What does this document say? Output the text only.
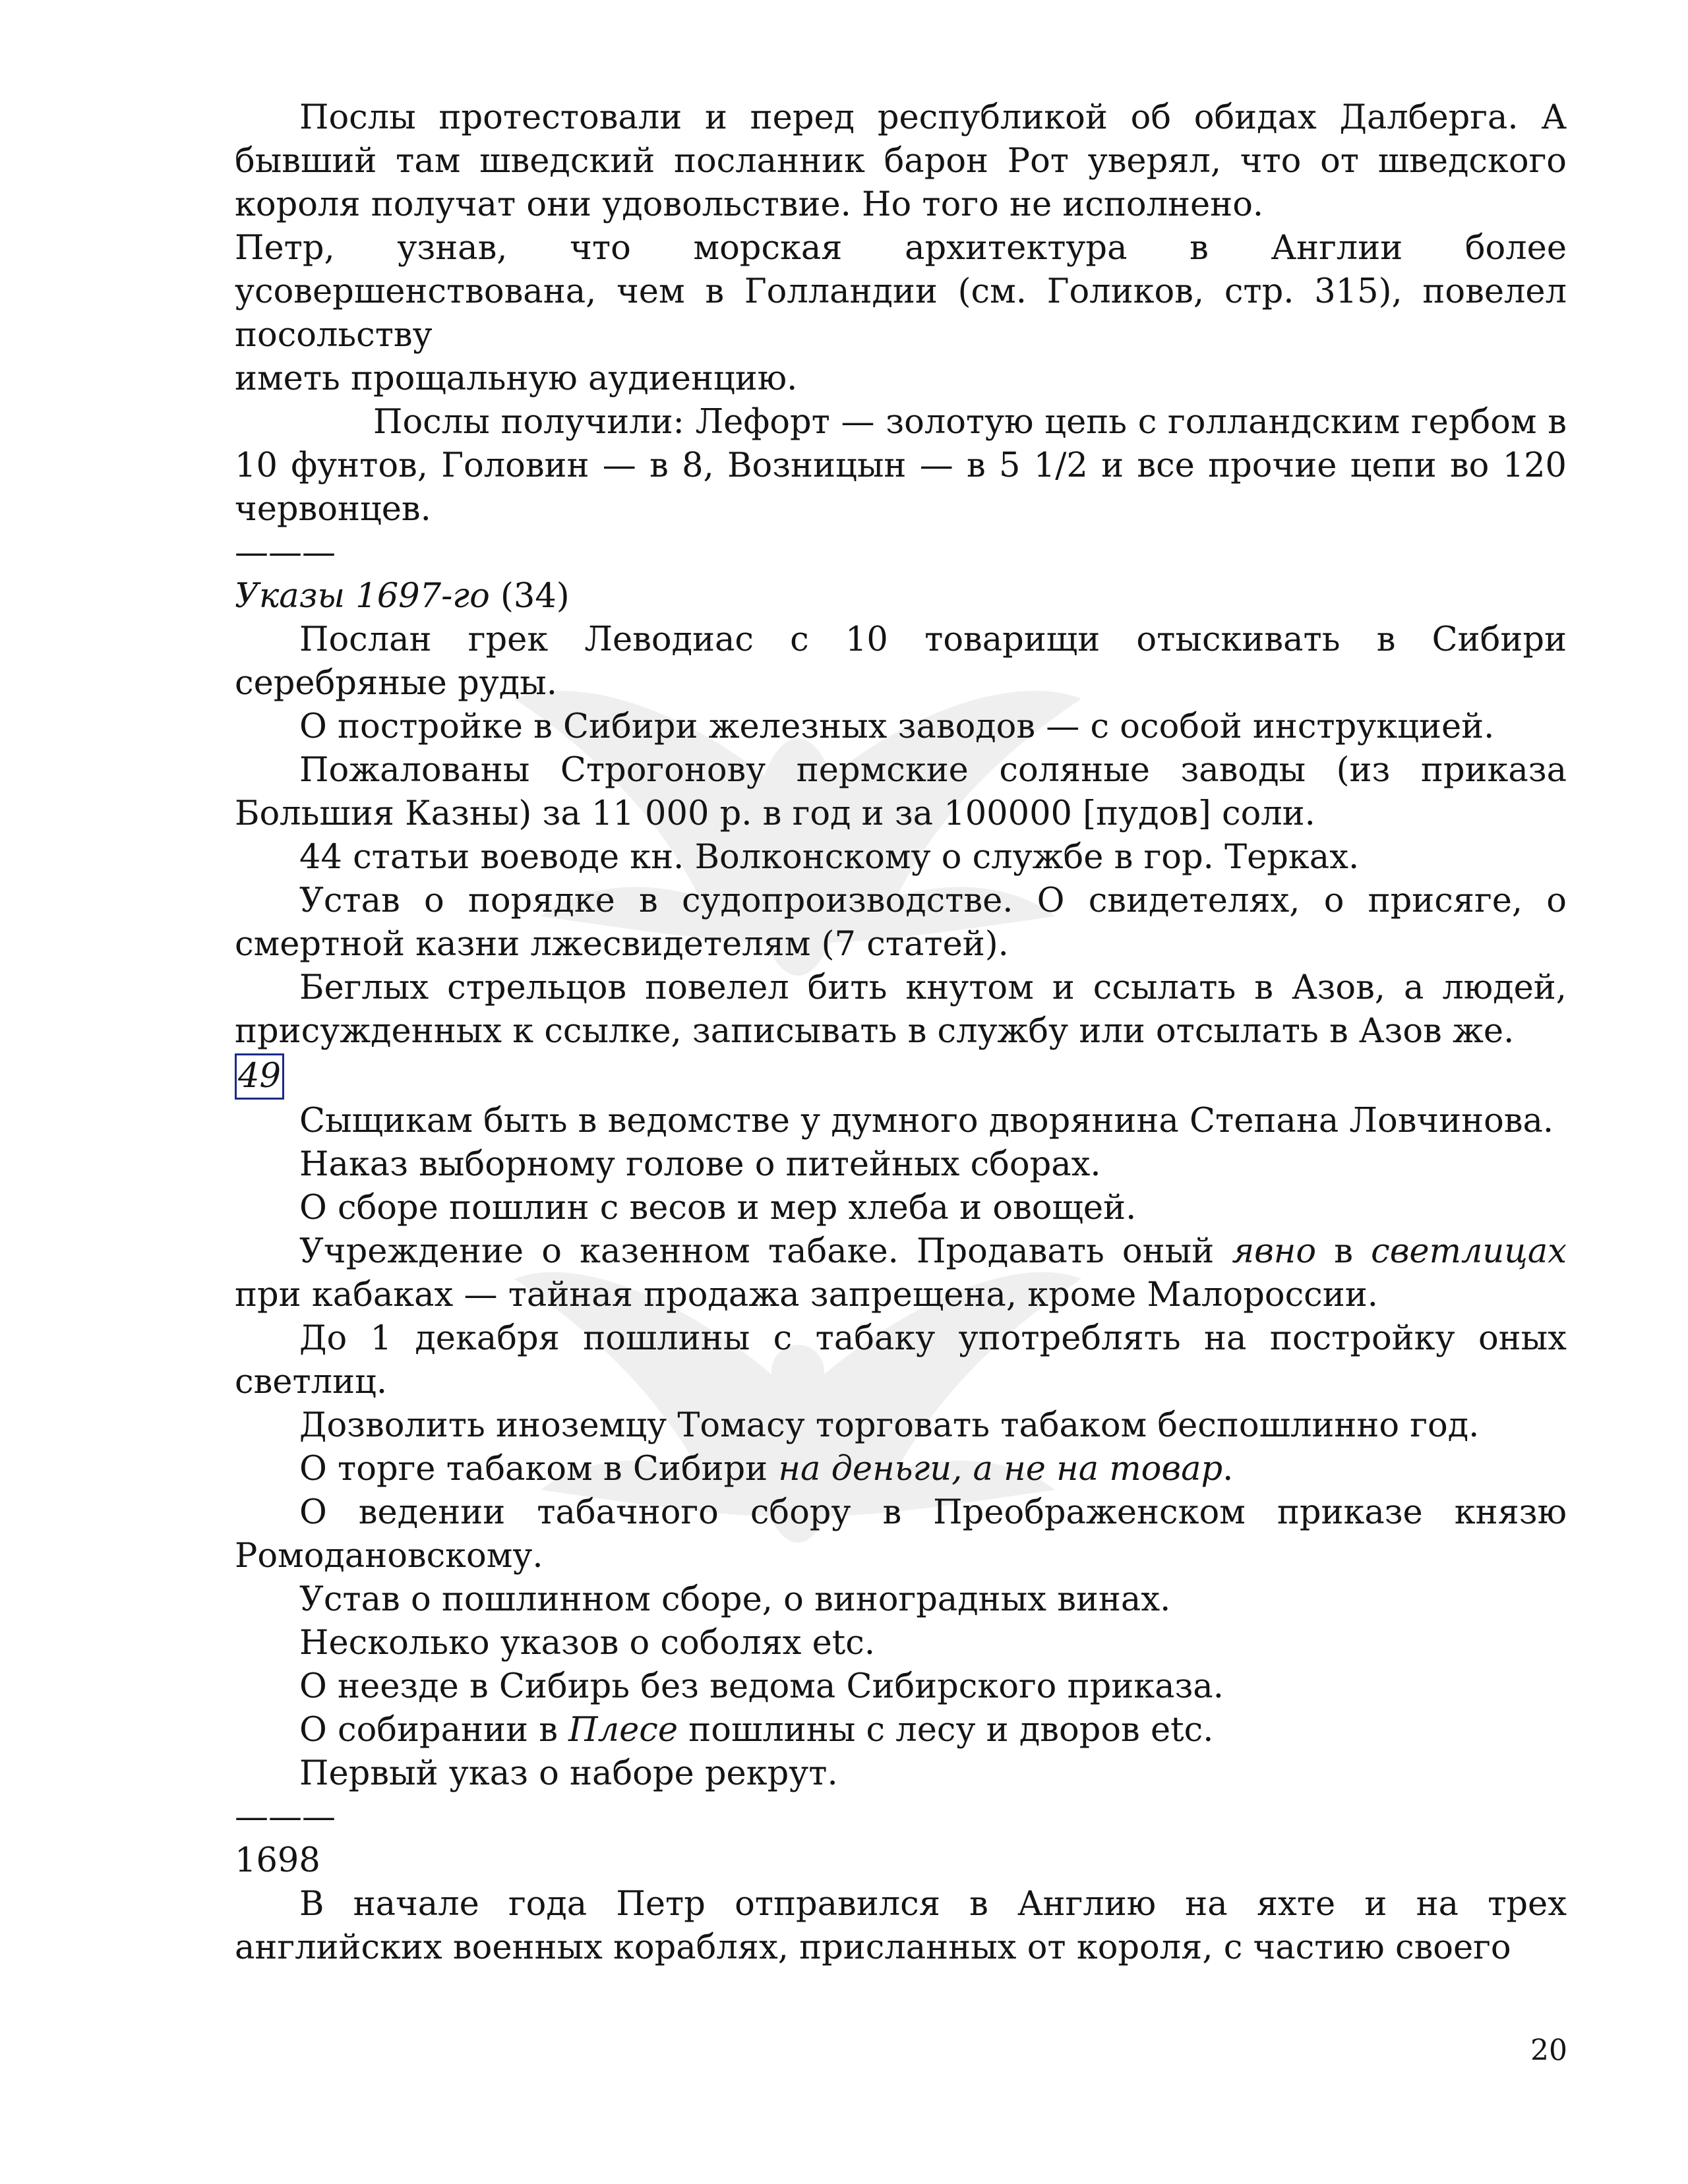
Послы протестовали и перед республикой об обидах Далберга. А бывший там шведский посланник барон Рот уверял, что от шведского короля получат они удовольствие. Но того не исполнено.

Петр, узнав, что морская архитектура в Англии более усовершенствована, чем в Голландии (см. Голиков, стр. 315), повелел посольству

иметь прощальную аудиенцию.

Послы получили: Лефорт — золотую цепь с голландским гербом в 10 фунтов, Головин — в 8, Возницын — в 5 1/2 и все прочие цепи во 120 червонцев.

———

Указы 1697-го (34)

Послан грек Леводиас с 10 товарищи отыскивать в Сибири серебряные руды.

О постройке в Сибири железных заводов — с особой инструкцией.

Пожалованы Строгонову пермские соляные заводы (из приказа Большия Казны) за 11 000 р. в год и за 100000 [пудов] соли.

44 статьи воеводе кн. Волконскому о службе в гор. Терках.

Устав о порядке в судопроизводстве. О свидетелях, о присяге, о смертной казни лжесвидетелям (7 статей).

Беглых стрельцов повелел бить кнутом и ссылать в Азов, а людей, присужденных к ссылке, записывать в службу или отсылать в Азов же.

49

Сыщикам быть в ведомстве у думного дворянина Степана Ловчинова.

Наказ выборному голове о питейных сборах.

О сборе пошлин с весов и мер хлеба и овощей.

Учреждение о казенном табаке. Продавать оный явно в светлицах при кабаках — тайная продажа запрещена, кроме Малороссии.

До 1 декабря пошлины с табаку употреблять на постройку оных светлиц.

Дозволить иноземцу Томасу торговать табаком беспошлинно год.

О торге табаком в Сибири на деньги, а не на товар.

О ведении табачного сбору в Преображенском приказе князю Ромодановскому.

Устав о пошлинном сборе, о виноградных винах.

Несколько указов о соболях etc.

О неезде в Сибирь без ведома Сибирского приказа.

О собирании в Плесе пошлины с лесу и дворов etc.

Первый указ о наборе рекрут.

———

1698

В начале года Петр отправился в Англию на яхте и на трех английских военных кораблях, присланных от короля, с частию своего

20
